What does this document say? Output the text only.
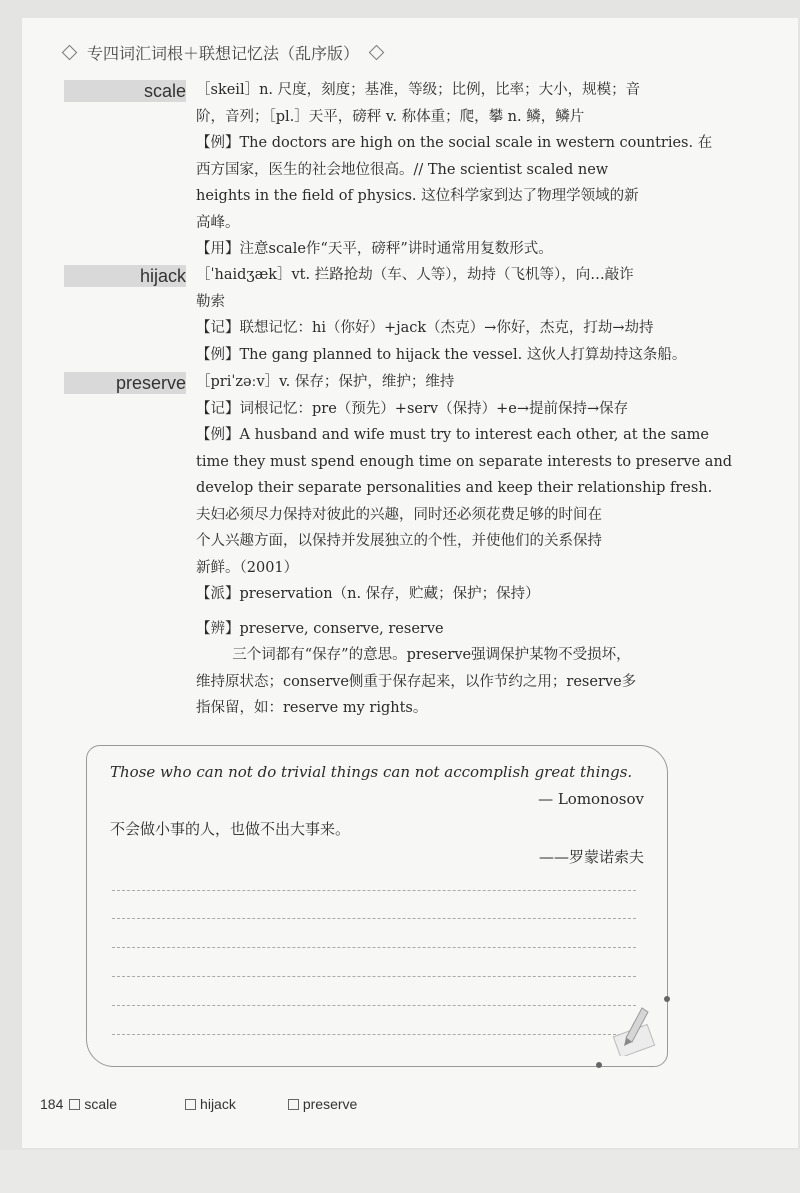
专四词汇词根＋联想记忆法（乱序版）
scale ［skeil］n. 尺度，刻度；基准，等级；比例，比率；大小，规模；音
阶，音列；［pl.］天平，磅秤 v. 称体重；爬，攀 n. 鳞，鳞片
【例】The doctors are high on the social scale in western countries. 在
西方国家，医生的社会地位很高。// The scientist scaled new
heights in the field of physics. 这位科学家到达了物理学领域的新
高峰。
【用】注意scale作“天平，磅秤”讲时通常用复数形式。
hijack ［ˈhaidʒæk］vt. 拦路抢劫（车、人等），劫持（飞机等），向…敲诈
勒索
【记】联想记忆：hi（你好）+jack（杰克）→你好，杰克，打劫→劫持
【例】The gang planned to hijack the vessel. 这伙人打算劫持这条船。
preserve ［priˈzəːv］v. 保存；保护，维护；维持
【记】词根记忆：pre（预先）+serv（保持）+e→提前保持→保存
【例】A husband and wife must try to interest each other, at the same
time they must spend enough time on separate interests to preserve and
develop their separate personalities and keep their relationship fresh.
夫妇必须尽力保持对彼此的兴趣，同时还必须花费足够的时间在
个人兴趣方面，以保持并发展独立的个性，并使他们的关系保持
新鲜。（2001）
【派】preservation（n. 保存，贮藏；保护；保持）
【辨】preserve, conserve, reserve
三个词都有“保存”的意思。preserve强调保护某物不受损坏，
维持原状态；conserve侧重于保存起来，以作节约之用；reserve多
指保留，如：reserve my rights。
Those who can not do trivial things can not accomplish great things.
— Lomonosov
不会做小事的人，也做不出大事来。
——罗蒙诺索夫
184 scale	hijack	preserve
